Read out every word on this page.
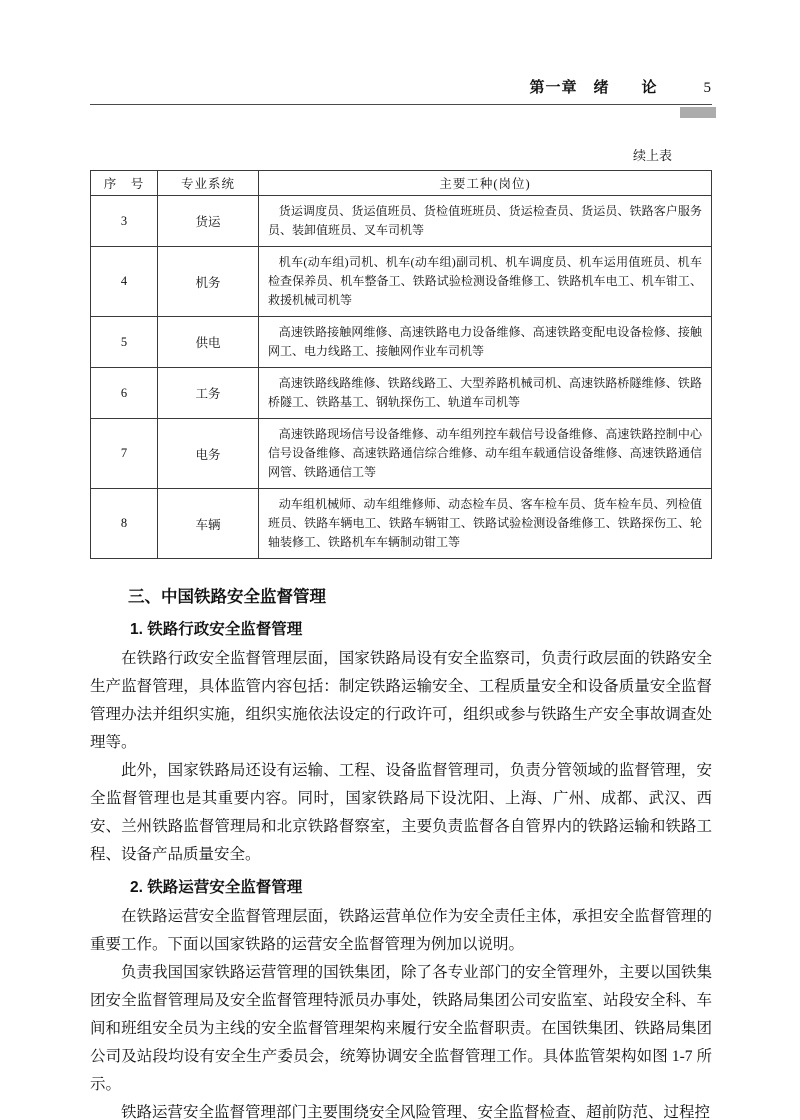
第一章　绪　　论	5
续上表
序　号	专业系统	主要工种(岗位)
3	货运	货运调度员、货运值班员、货检值班班员、货运检查员、货运员、铁路客户服务员、装卸值班员、叉车司机等
4	机务	机车(动车组)司机、机车(动车组)副司机、机车调度员、机车运用值班员、机车检查保养员、机车整备工、铁路试验检测设备维修工、铁路机车电工、机车钳工、救援机械司机等
5	供电	高速铁路接触网维修、高速铁路电力设备维修、高速铁路变配电设备检修、接触网工、电力线路工、接触网作业车司机等
6	工务	高速铁路线路维修、铁路线路工、大型养路机械司机、高速铁路桥隧维修、铁路桥隧工、铁路基工、钢轨探伤工、轨道车司机等
7	电务	高速铁路现场信号设备维修、动车组列控车载信号设备维修、高速铁路控制中心信号设备维修、高速铁路通信综合维修、动车组车载通信设备维修、高速铁路通信网管、铁路通信工等
8	车辆	动车组机械师、动车组维修师、动态检车员、客车检车员、货车检车员、列检值班员、铁路车辆电工、铁路车辆钳工、铁路试验检测设备维修工、铁路探伤工、轮轴装修工、铁路机车车辆制动钳工等
三、中国铁路安全监督管理
1. 铁路行政安全监督管理

在铁路行政安全监督管理层面，国家铁路局设有安全监察司，负责行政层面的铁路安全生产监督管理，具体监管内容包括：制定铁路运输安全、工程质量安全和设备质量安全监督管理办法并组织实施，组织实施依法设定的行政许可，组织或参与铁路生产安全事故调查处理等。

此外，国家铁路局还设有运输、工程、设备监督管理司，负责分管领域的监督管理，安全监督管理也是其重要内容。同时，国家铁路局下设沈阳、上海、广州、成都、武汉、西安、兰州铁路监督管理局和北京铁路督察室，主要负责监督各自管界内的铁路运输和铁路工程、设备产品质量安全。

2. 铁路运营安全监督管理

在铁路运营安全监督管理层面，铁路运营单位作为安全责任主体，承担安全监督管理的重要工作。下面以国家铁路的运营安全监督管理为例加以说明。

负责我国国家铁路运营管理的国铁集团，除了各专业部门的安全管理外，主要以国铁集团安全监督管理局及安全监督管理特派员办事处，铁路局集团公司安监室、站段安全科、车间和班组安全员为主线的安全监督管理架构来履行安全监督职责。在国铁集团、铁路局集团公司及站段均设有安全生产委员会，统筹协调安全监督管理工作。具体监管架构如图 1-7 所示。

铁路运营安全监督管理部门主要围绕安全风险管理、安全监督检查、超前防范、过程控
